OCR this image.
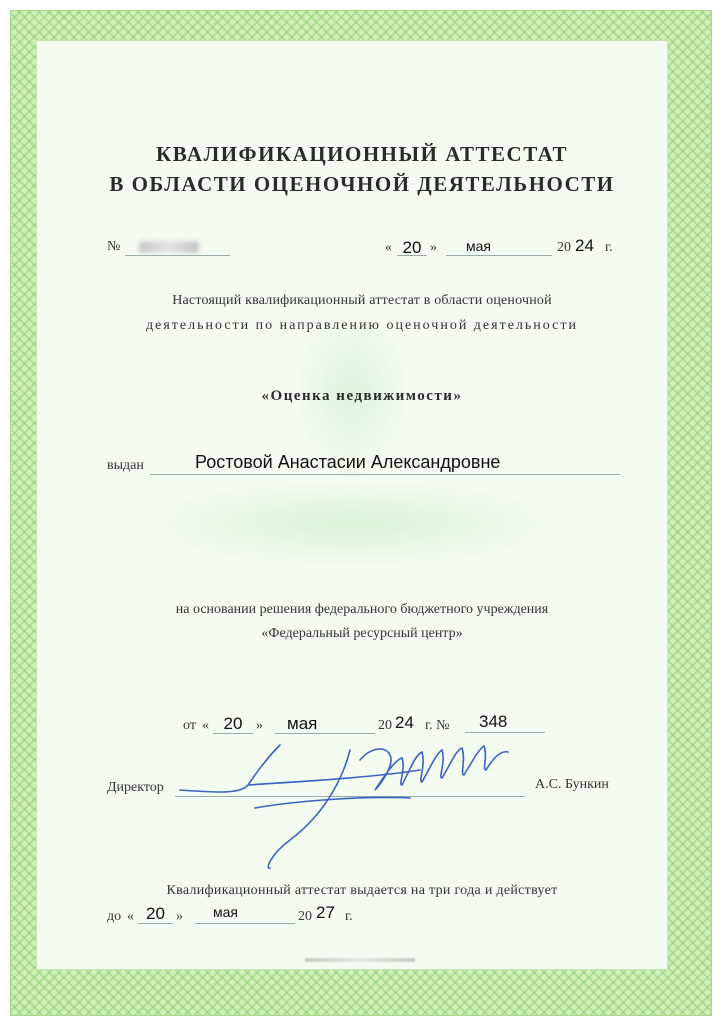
КВАЛИФИКАЦИОННЫЙ АТТЕСТАТ
В ОБЛАСТИ ОЦЕНОЧНОЙ ДЕЯТЕЛЬНОСТИ
№	« 20 »	мая	20 24 г.
Настоящий квалификационный аттестат в области оценочной
деятельности по направлению оценочной деятельности
«Оценка недвижимости»
выдан	Ростовой Анастасии Александровне
на основании решения федерального бюджетного учреждения
«Федеральный ресурсный центр»
от « 20 »	мая	20 24 г. №	348
Директор	А.С. Бункин
Квалификационный аттестат выдается на три года и действует
до « 20 »	мая	20 27 г.
